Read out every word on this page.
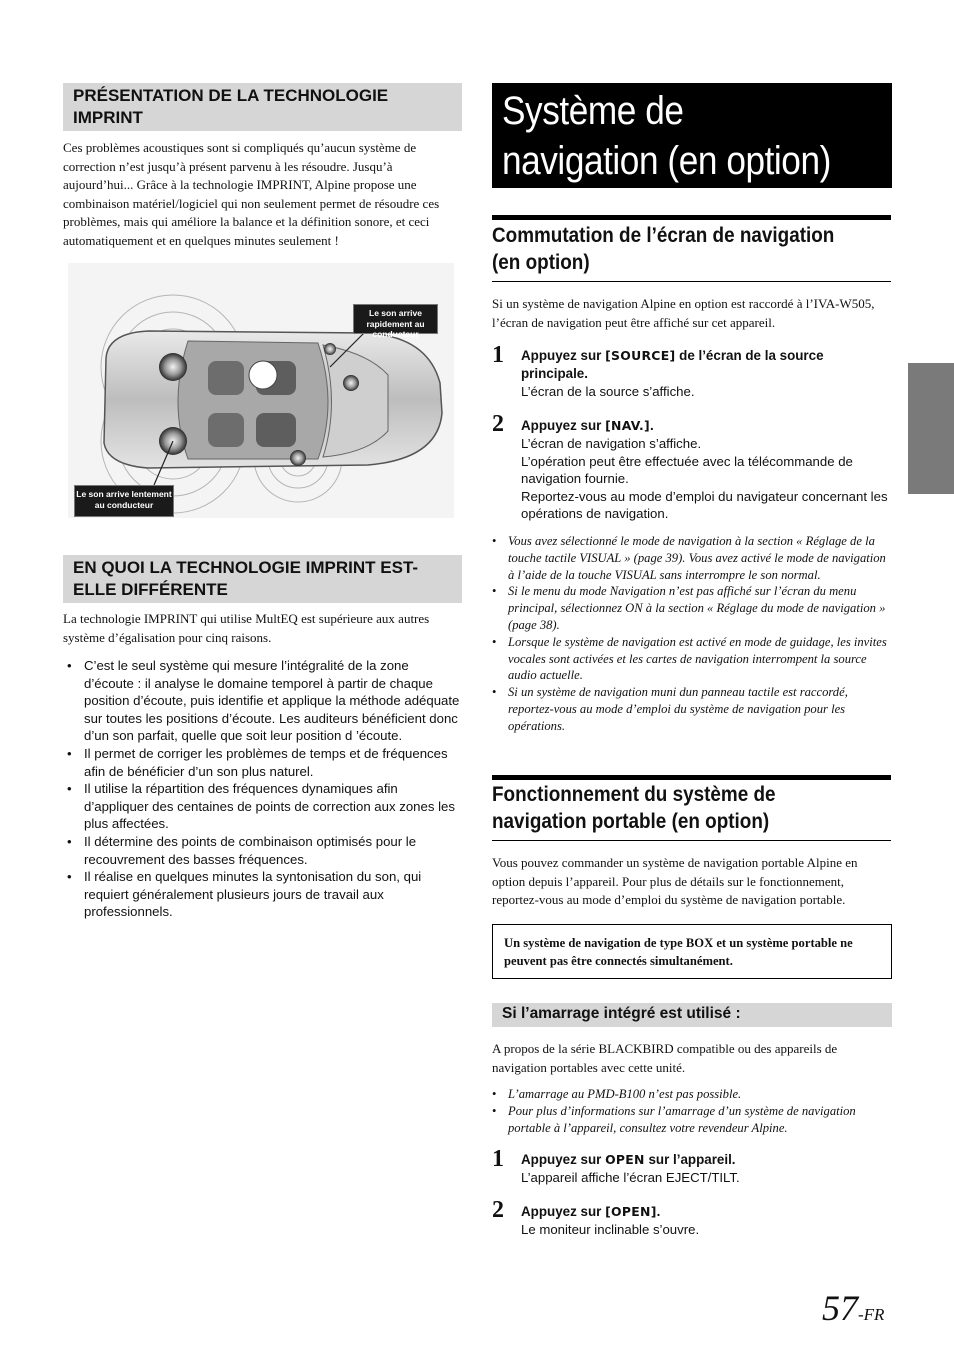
PRÉSENTATION DE LA TECHNOLOGIE IMPRINT
Ces problèmes acoustiques sont si compliqués qu’aucun système de correction n’est jusqu’à présent parvenu à les résoudre. Jusqu’à aujourd’hui... Grâce à la technologie IMPRINT, Alpine propose une combinaison matériel/logiciel qui non seulement permet de résoudre ces problèmes, mais qui améliore la balance et la définition sonore, et ceci automatiquement et en quelques minutes seulement !
Le son arrive rapidement au conducteur
Le son arrive lentement au conducteur
EN QUOI LA TECHNOLOGIE IMPRINT EST-ELLE DIFFÉRENTE
La technologie IMPRINT qui utilise MultEQ est supérieure aux autres système d’égalisation pour cinq raisons.
• C’est le seul système qui mesure l’intégralité de la zone d’écoute : il analyse le domaine temporel à partir de chaque position d’écoute, puis identifie et applique la méthode adéquate sur toutes les positions d’écoute. Les auditeurs bénéficient donc d’un son parfait, quelle que soit leur position d ’écoute.
• Il permet de corriger les problèmes de temps et de fréquences afin de bénéficier d’un son plus naturel.
• Il utilise la répartition des fréquences dynamiques afin d’appliquer des centaines de points de correction aux zones les plus affectées.
• Il détermine des points de combinaison optimisés pour le recouvrement des basses fréquences.
• Il réalise en quelques minutes la syntonisation du son, qui requiert généralement plusieurs jours de travail aux professionnels.
Système de
navigation (en option)
Commutation de l’écran de navigation
(en option)
Si un système de navigation Alpine en option est raccordé à l’IVA-W505, l’écran de navigation peut être affiché sur cet appareil.
1 Appuyez sur [SOURCE] de l’écran de la source principale.
L’écran de la source s’affiche.
2 Appuyez sur [NAV.].
L’écran de navigation s’affiche.
L’opération peut être effectuée avec la télécommande de navigation fournie.
Reportez-vous au mode d’emploi du navigateur concernant les opérations de navigation.
• Vous avez sélectionné le mode de navigation à la section « Réglage de la touche tactile VISUAL » (page 39). Vous avez activé le mode de navigation à l’aide de la touche VISUAL sans interrompre le son normal.
• Si le menu du mode Navigation n’est pas affiché sur l’écran du menu principal, sélectionnez ON à la section « Réglage du mode de navigation » (page 38).
• Lorsque le système de navigation est activé en mode de guidage, les invites vocales sont activées et les cartes de navigation interrompent la source audio actuelle.
• Si un système de navigation muni dun panneau tactile est raccordé, reportez-vous au mode d’emploi du système de navigation pour les opérations.
Fonctionnement du système de
navigation portable (en option)
Vous pouvez commander un système de navigation portable Alpine en option depuis l’appareil. Pour plus de détails sur le fonctionnement, reportez-vous au mode d’emploi du système de navigation portable.
Un système de navigation de type BOX et un système portable ne peuvent pas être connectés simultanément.
Si l’amarrage intégré est utilisé :
A propos de la série BLACKBIRD compatible ou des appareils de navigation portables avec cette unité.
• L’amarrage au PMD-B100 n’est pas possible.
• Pour plus d’informations sur l’amarrage d’un système de navigation portable à l’appareil, consultez votre revendeur Alpine.
1 Appuyez sur OPEN sur l’appareil.
L’appareil affiche l’écran EJECT/TILT.
2 Appuyez sur [OPEN].
Le moniteur inclinable s’ouvre.
57-FR
